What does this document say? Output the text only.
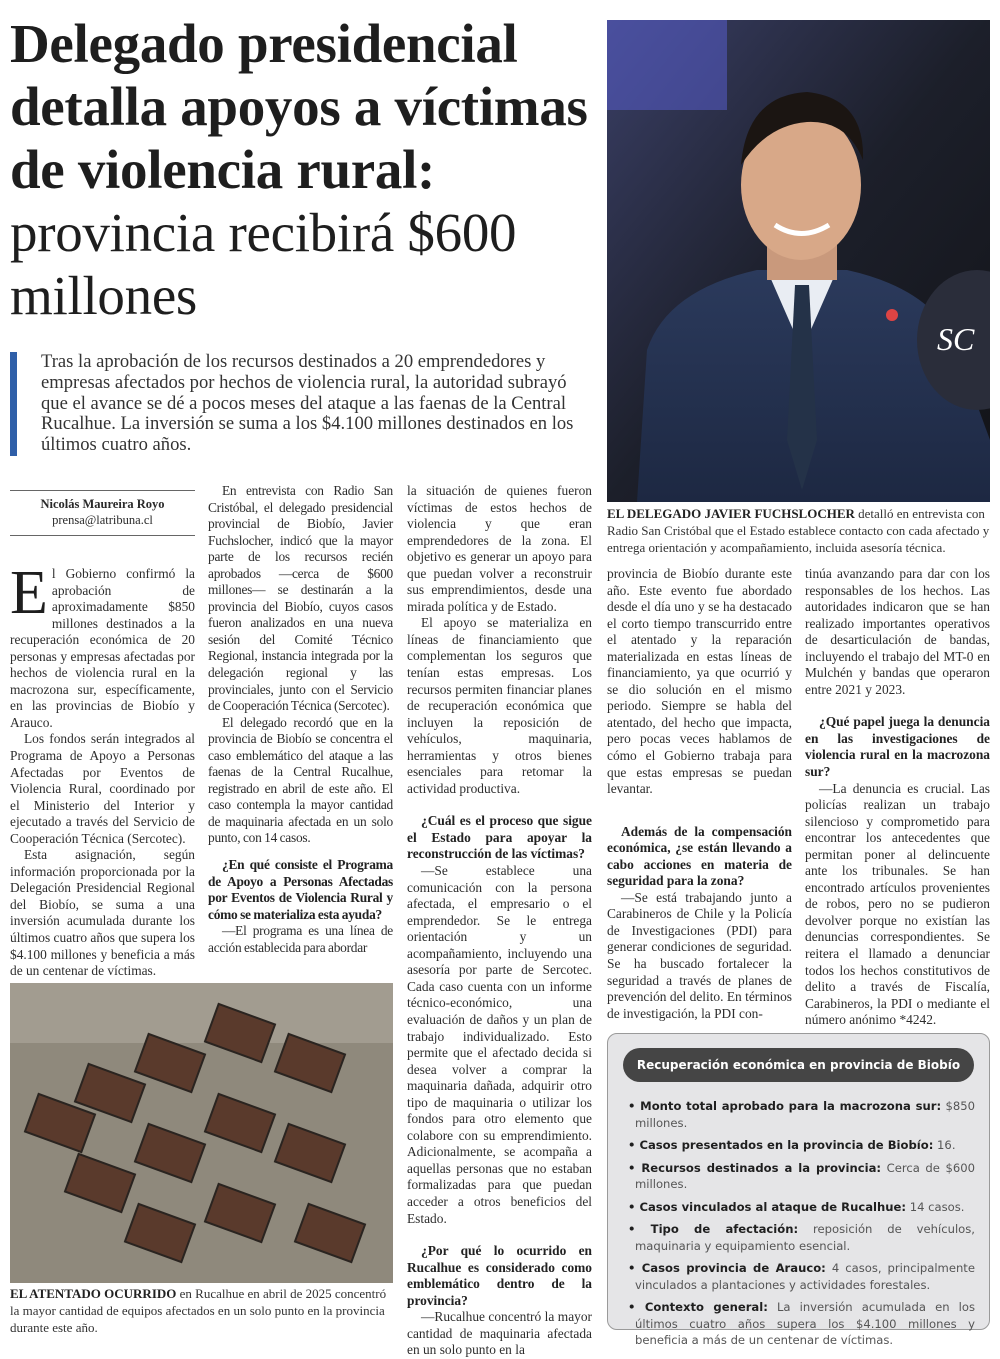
Delegado presidencial detalla apoyos a víctimas de violencia rural: provincia recibirá $600 millones
Tras la aprobación de los recursos destinados a 20 emprendedores y empresas afectados por hechos de violencia rural, la autoridad subrayó que el avance se dé a pocos meses del ataque a las faenas de la Central Rucalhue. La inversión se suma a los $4.100 millones destinados en los últimos cuatro años.
SC
EL DELEGADO JAVIER FUCHSLOCHER detalló en entrevista con Radio San Cristóbal que el Estado establece contacto con cada afectado y entrega orientación y acompañamiento, incluida asesoría técnica.
Nicolás Maureira Royo
prensa@latribuna.cl

El Gobierno confirmó la aprobación de aproximadamente $850 millones destinados a la recuperación económica de 20 personas y empresas afectadas por hechos de violencia rural en la macrozona sur, específicamente, en las provincias de Biobío y Arauco.

Los fondos serán integrados al Programa de Apoyo a Personas Afectadas por Eventos de Violencia Rural, coordinado por el Ministerio del Interior y ejecutado a través del Servicio de Cooperación Técnica (Sercotec).

Esta asignación, según información proporcionada por la Delegación Presidencial Regional del Biobío, se suma a una inversión acumulada durante los últimos cuatro años que supera los $4.100 millones y beneficia a más de un centenar de víctimas.

En entrevista con Radio San Cristóbal, el delegado presidencial provincial de Biobío, Javier Fuchslocher, indicó que la mayor parte de los recursos recién aprobados —cerca de $600 millones— se destinarán a la provincia del Biobío, cuyos casos fueron analizados en una nueva sesión del Comité Técnico Regional, instancia integrada por la delegación regional y las provinciales, junto con el Servicio de Cooperación Técnica (Sercotec).

El delegado recordó que en la provincia de Biobío se concentra el caso emblemático del ataque a las faenas de la Central Rucalhue, registrado en abril de este año. El caso contempla la mayor cantidad de maquinaria afectada en un solo punto, con 14 casos.

¿En qué consiste el Programa de Apoyo a Personas Afectadas por Eventos de Violencia Rural y cómo se materializa esta ayuda?

—El programa es una línea de acción establecida para abordar

la situación de quienes fueron víctimas de estos hechos de violencia y que eran emprendedores de la zona. El objetivo es generar un apoyo para que puedan volver a reconstruir sus emprendimientos, desde una mirada política y de Estado.

El apoyo se materializa en líneas de financiamiento que complementan los seguros que tenían estas empresas. Los recursos permiten financiar planes de recuperación económica que incluyen la reposición de vehículos, maquinaria, herramientas y otros bienes esenciales para retomar la actividad productiva.

¿Cuál es el proceso que sigue el Estado para apoyar la reconstrucción de las víctimas?

—Se establece una comunicación con la persona afectada, el empresario o el emprendedor. Se le entrega orientación y un acompañamiento, incluyendo una asesoría por parte de Sercotec. Cada caso cuenta con un informe técnico-económico, una evaluación de daños y un plan de trabajo individualizado. Esto permite que el afectado decida si desea volver a comprar la maquinaria dañada, adquirir otro tipo de maquinaria o utilizar los fondos para otro elemento que colabore con su emprendimiento. Adicionalmente, se acompaña a aquellas personas que no estaban formalizadas para que puedan acceder a otros beneficios del Estado.

¿Por qué lo ocurrido en Rucalhue es considerado como emblemático dentro de la provincia?

—Rucalhue concentró la mayor cantidad de maquinaria afectada en un solo punto en la

provincia de Biobío durante este año. Este evento fue abordado desde el día uno y se ha destacado el corto tiempo transcurrido entre el atentado y la reparación materializada en estas líneas de financiamiento, ya que ocurrió y se dio solución en el mismo periodo. Siempre se habla del atentado, del hecho que impacta, pero pocas veces hablamos de cómo el Gobierno trabaja para que estas empresas se puedan levantar.

Además de la compensación económica, ¿se están llevando a cabo acciones en materia de seguridad para la zona?

—Se está trabajando junto a Carabineros de Chile y la Policía de Investigaciones (PDI) para generar condiciones de seguridad. Se ha buscado fortalecer la seguridad a través de planes de prevención del delito. En términos de investigación, la PDI con-

tinúa avanzando para dar con los responsables de los hechos. Las autoridades indicaron que se han realizado importantes operativos de desarticulación de bandas, incluyendo el trabajo del MT-0 en Mulchén y bandas que operaron entre 2021 y 2023.

¿Qué papel juega la denuncia en las investigaciones de violencia rural en la macrozona sur?

—La denuncia es crucial. Las policías realizan un trabajo silencioso y comprometido para encontrar los antecedentes que permitan poner al delincuente ante los tribunales. Se han encontrado artículos provenientes de robos, pero no se pudieron devolver porque no existían las denuncias correspondientes. Se reitera el llamado a denunciar todos los hechos constitutivos de delito a través de Fiscalía, Carabineros, la PDI o mediante el número anónimo *4242.

EL ATENTADO OCURRIDO en Rucalhue en abril de 2025 concentró la mayor cantidad de equipos afectados en un solo punto en la provincia durante este año.
Recuperación económica en provincia de Biobío
• Monto total aprobado para la macrozona sur: $850 millones.
• Casos presentados en la provincia de Biobío: 16.
• Recursos destinados a la provincia: Cerca de $600 millones.
• Casos vinculados al ataque de Rucalhue: 14 casos.
• Tipo de afectación: reposición de vehículos, maquinaria y equipamiento esencial.
• Casos provincia de Arauco: 4 casos, principalmente vinculados a plantaciones y actividades forestales.
• Contexto general: La inversión acumulada en los últimos cuatro años supera los $4.100 millones y beneficia a más de un centenar de víctimas.
